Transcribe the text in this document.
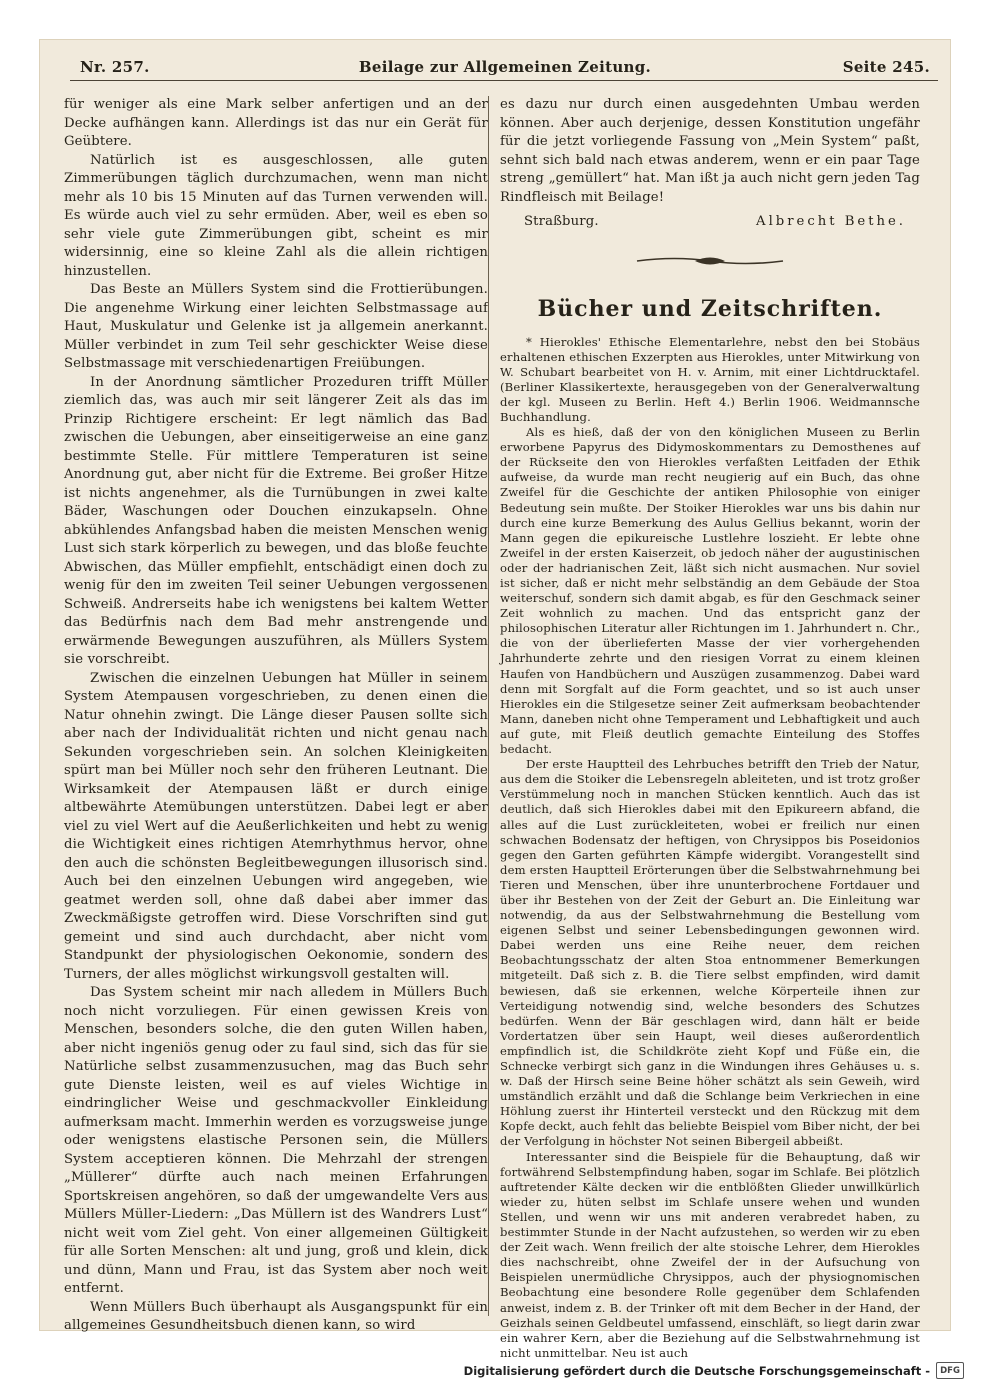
Nr. 257.	Beilage zur Allgemeinen Zeitung.	Seite 245.

für weniger als eine Mark selber anfertigen und an der Decke aufhängen kann. Allerdings ist das nur ein Gerät für Geübtere.

Natürlich ist es ausgeschlossen, alle guten Zimmerübungen täglich durchzumachen, wenn man nicht mehr als 10 bis 15 Minuten auf das Turnen verwenden will. Es würde auch viel zu sehr ermüden. Aber, weil es eben so sehr viele gute Zimmerübungen gibt, scheint es mir widersinnig, eine so kleine Zahl als die allein richtigen hinzustellen.

Das Beste an Müllers System sind die Frottierübungen. Die angenehme Wirkung einer leichten Selbstmassage auf Haut, Muskulatur und Gelenke ist ja allgemein anerkannt. Müller verbindet in zum Teil sehr geschickter Weise diese Selbstmassage mit verschiedenartigen Freiübungen.

In der Anordnung sämtlicher Prozeduren trifft Müller ziemlich das, was auch mir seit längerer Zeit als das im Prinzip Richtigere erscheint: Er legt nämlich das Bad zwischen die Uebungen, aber einseitigerweise an eine ganz bestimmte Stelle. Für mittlere Temperaturen ist seine Anordnung gut, aber nicht für die Extreme. Bei großer Hitze ist nichts angenehmer, als die Turnübungen in zwei kalte Bäder, Waschungen oder Douchen einzukapseln. Ohne abkühlendes Anfangsbad haben die meisten Menschen wenig Lust sich stark körperlich zu bewegen, und das bloße feuchte Abwischen, das Müller empfiehlt, entschädigt einen doch zu wenig für den im zweiten Teil seiner Uebungen vergossenen Schweiß. Andrerseits habe ich wenigstens bei kaltem Wetter das Bedürfnis nach dem Bad mehr anstrengende und erwärmende Bewegungen auszuführen, als Müllers System sie vorschreibt.

Zwischen die einzelnen Uebungen hat Müller in seinem System Atempausen vorgeschrieben, zu denen einen die Natur ohnehin zwingt. Die Länge dieser Pausen sollte sich aber nach der Individualität richten und nicht genau nach Sekunden vorgeschrieben sein. An solchen Kleinigkeiten spürt man bei Müller noch sehr den früheren Leutnant. Die Wirksamkeit der Atempausen läßt er durch einige altbewährte Atemübungen unterstützen. Dabei legt er aber viel zu viel Wert auf die Aeußerlichkeiten und hebt zu wenig die Wichtigkeit eines richtigen Atemrhythmus hervor, ohne den auch die schönsten Begleitbewegungen illusorisch sind. Auch bei den einzelnen Uebungen wird angegeben, wie geatmet werden soll, ohne daß dabei aber immer das Zweckmäßigste getroffen wird. Diese Vorschriften sind gut gemeint und sind auch durchdacht, aber nicht vom Standpunkt der physiologischen Oekonomie, sondern des Turners, der alles möglichst wirkungsvoll gestalten will.

Das System scheint mir nach alledem in Müllers Buch noch nicht vorzuliegen. Für einen gewissen Kreis von Menschen, besonders solche, die den guten Willen haben, aber nicht ingeniös genug oder zu faul sind, sich das für sie Natürliche selbst zusammenzusuchen, mag das Buch sehr gute Dienste leisten, weil es auf vieles Wichtige in eindringlicher Weise und geschmackvoller Einkleidung aufmerksam macht. Immerhin werden es vorzugsweise junge oder wenigstens elastische Personen sein, die Müllers System acceptieren können. Die Mehrzahl der strengen „Müllerer“ dürfte auch nach meinen Erfahrungen Sportskreisen angehören, so daß der umgewandelte Vers aus Müllers Müller-Liedern: „Das Müllern ist des Wandrers Lust“ nicht weit vom Ziel geht. Von einer allgemeinen Gültigkeit für alle Sorten Menschen: alt und jung, groß und klein, dick und dünn, Mann und Frau, ist das System aber noch weit entfernt.

Wenn Müllers Buch überhaupt als Ausgangspunkt für ein allgemeines Gesundheitsbuch dienen kann, so wird

es dazu nur durch einen ausgedehnten Umbau werden können. Aber auch derjenige, dessen Konstitution ungefähr für die jetzt vorliegende Fassung von „Mein System“ paßt, sehnt sich bald nach etwas anderem, wenn er ein paar Tage streng „gemüllert“ hat. Man ißt ja auch nicht gern jeden Tag Rindfleisch mit Beilage!

Straßburg.	Albrecht Bethe.
Bücher und Zeitschriften.

* Hierokles' Ethische Elementarlehre, nebst den bei Stobäus erhaltenen ethischen Exzerpten aus Hierokles, unter Mitwirkung von W. Schubart bearbeitet von H. v. Arnim, mit einer Lichtdrucktafel. (Berliner Klassikertexte, herausgegeben von der Generalverwaltung der kgl. Museen zu Berlin. Heft 4.) Berlin 1906. Weidmannsche Buchhandlung.

Als es hieß, daß der von den königlichen Museen zu Berlin erworbene Papyrus des Didymoskommentars zu Demosthenes auf der Rückseite den von Hierokles verfaßten Leitfaden der Ethik aufweise, da wurde man recht neugierig auf ein Buch, das ohne Zweifel für die Geschichte der antiken Philosophie von einiger Bedeutung sein mußte. Der Stoiker Hierokles war uns bis dahin nur durch eine kurze Bemerkung des Aulus Gellius bekannt, worin der Mann gegen die epikureische Lustlehre loszieht. Er lebte ohne Zweifel in der ersten Kaiserzeit, ob jedoch näher der augustinischen oder der hadrianischen Zeit, läßt sich nicht ausmachen. Nur soviel ist sicher, daß er nicht mehr selbständig an dem Gebäude der Stoa weiterschuf, sondern sich damit abgab, es für den Geschmack seiner Zeit wohnlich zu machen. Und das entspricht ganz der philosophischen Literatur aller Richtungen im 1. Jahrhundert n. Chr., die von der überlieferten Masse der vier vorhergehenden Jahrhunderte zehrte und den riesigen Vorrat zu einem kleinen Haufen von Handbüchern und Auszügen zusammenzog. Dabei ward denn mit Sorgfalt auf die Form geachtet, und so ist auch unser Hierokles ein die Stilgesetze seiner Zeit aufmerksam beobachtender Mann, daneben nicht ohne Temperament und Lebhaftigkeit und auch auf gute, mit Fleiß deutlich gemachte Einteilung des Stoffes bedacht.

Der erste Hauptteil des Lehrbuches betrifft den Trieb der Natur, aus dem die Stoiker die Lebensregeln ableiteten, und ist trotz großer Verstümmelung noch in manchen Stücken kenntlich. Auch das ist deutlich, daß sich Hierokles dabei mit den Epikureern abfand, die alles auf die Lust zurückleiteten, wobei er freilich nur einen schwachen Bodensatz der heftigen, von Chrysippos bis Poseidonios gegen den Garten geführten Kämpfe widergibt. Vorangestellt sind dem ersten Hauptteil Erörterungen über die Selbstwahrnehmung bei Tieren und Menschen, über ihre ununterbrochene Fortdauer und über ihr Bestehen von der Zeit der Geburt an. Die Einleitung war notwendig, da aus der Selbstwahrnehmung die Bestellung vom eigenen Selbst und seiner Lebensbedingungen gewonnen wird. Dabei werden uns eine Reihe neuer, dem reichen Beobachtungsschatz der alten Stoa entnommener Bemerkungen mitgeteilt. Daß sich z. B. die Tiere selbst empfinden, wird damit bewiesen, daß sie erkennen, welche Körperteile ihnen zur Verteidigung notwendig sind, welche besonders des Schutzes bedürfen. Wenn der Bär geschlagen wird, dann hält er beide Vordertatzen über sein Haupt, weil dieses außerordentlich empfindlich ist, die Schildkröte zieht Kopf und Füße ein, die Schnecke verbirgt sich ganz in die Windungen ihres Gehäuses u. s. w. Daß der Hirsch seine Beine höher schätzt als sein Geweih, wird umständlich erzählt und daß die Schlange beim Verkriechen in eine Höhlung zuerst ihr Hinterteil versteckt und den Rückzug mit dem Kopfe deckt, auch fehlt das beliebte Beispiel vom Biber nicht, der bei der Verfolgung in höchster Not seinen Bibergeil abbeißt.

Interessanter sind die Beispiele für die Behauptung, daß wir fortwährend Selbstempfindung haben, sogar im Schlafe. Bei plötzlich auftretender Kälte decken wir die entblößten Glieder unwillkürlich wieder zu, hüten selbst im Schlafe unsere wehen und wunden Stellen, und wenn wir uns mit anderen verabredet haben, zu bestimmter Stunde in der Nacht aufzustehen, so werden wir zu eben der Zeit wach. Wenn freilich der alte stoische Lehrer, dem Hierokles dies nachschreibt, ohne Zweifel der in der Aufsuchung von Beispielen unermüdliche Chrysippos, auch der physiognomischen Beobachtung eine besondere Rolle gegenüber dem Schlafenden anweist, indem z. B. der Trinker oft mit dem Becher in der Hand, der Geizhals seinen Geldbeutel umfassend, einschläft, so liegt darin zwar ein wahrer Kern, aber die Beziehung auf die Selbstwahrnehmung ist nicht unmittelbar. Neu ist auch

Digitalisierung gefördert durch die Deutsche Forschungsgemeinschaft -	DFG
